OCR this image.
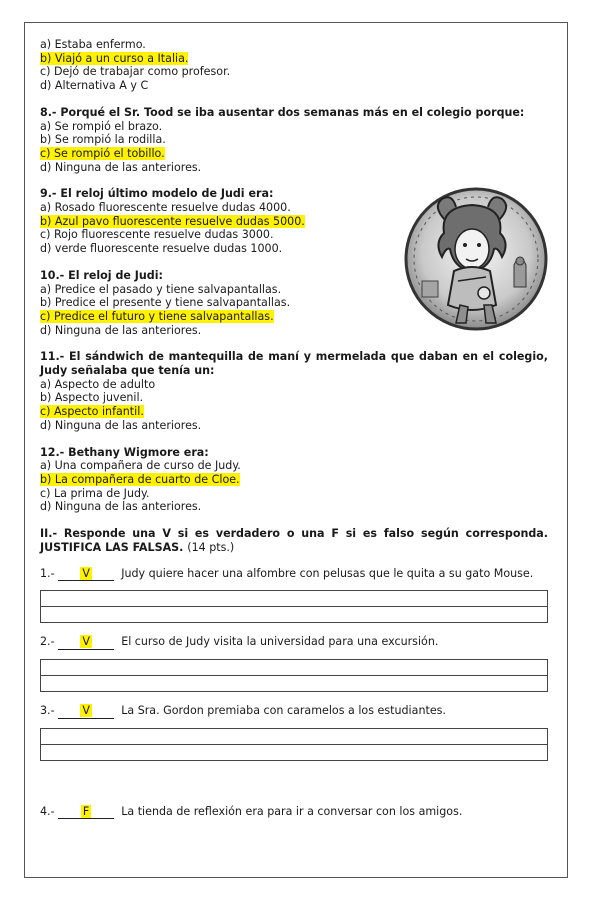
a) Estaba enfermo.
b) Viajó a un curso a Italia.
c) Dejó de trabajar como profesor.
d) Alternativa A y C
8.- Porqué el Sr. Tood se iba ausentar dos semanas más en el colegio porque:
a) Se rompió el brazo.
b) Se rompió la rodilla.
c) Se rompió el tobillo.
d) Ninguna de las anteriores.
9.- El reloj último modelo de Judi era:
a) Rosado fluorescente resuelve dudas 4000.
b) Azul pavo fluorescente resuelve dudas 5000.
c) Rojo fluorescente resuelve dudas 3000.
d) verde fluorescente resuelve dudas 1000.
10.- El reloj de Judi:
a) Predice el pasado y tiene salvapantallas.
b) Predice el presente y tiene salvapantallas.
c) Predice el futuro y tiene salvapantallas.
d) Ninguna de las anteriores.
11.- El sándwich de mantequilla de maní y mermelada que daban en el colegio, Judy señalaba que tenía un:
a) Aspecto de adulto
b) Aspecto juvenil.
c) Aspecto infantil.
d) Ninguna de las anteriores.
12.- Bethany Wigmore era:
a) Una compañera de curso de Judy.
b) La compañera de cuarto de Cloe.
c) La prima de Judy.
d) Ninguna de las anteriores.
II.- Responde una V si es verdadero o una F si es falso según corresponda. JUSTIFICA LAS FALSAS. (14 pts.)
1.- V	Judy quiere hacer una alfombre con pelusas que le quita a su gato Mouse.
2.- V	El curso de Judy visita la universidad para una excursión.
3.- V	La Sra. Gordon premiaba con caramelos a los estudiantes.
4.-	F	La tienda de reflexión era para ir a conversar con los amigos.
